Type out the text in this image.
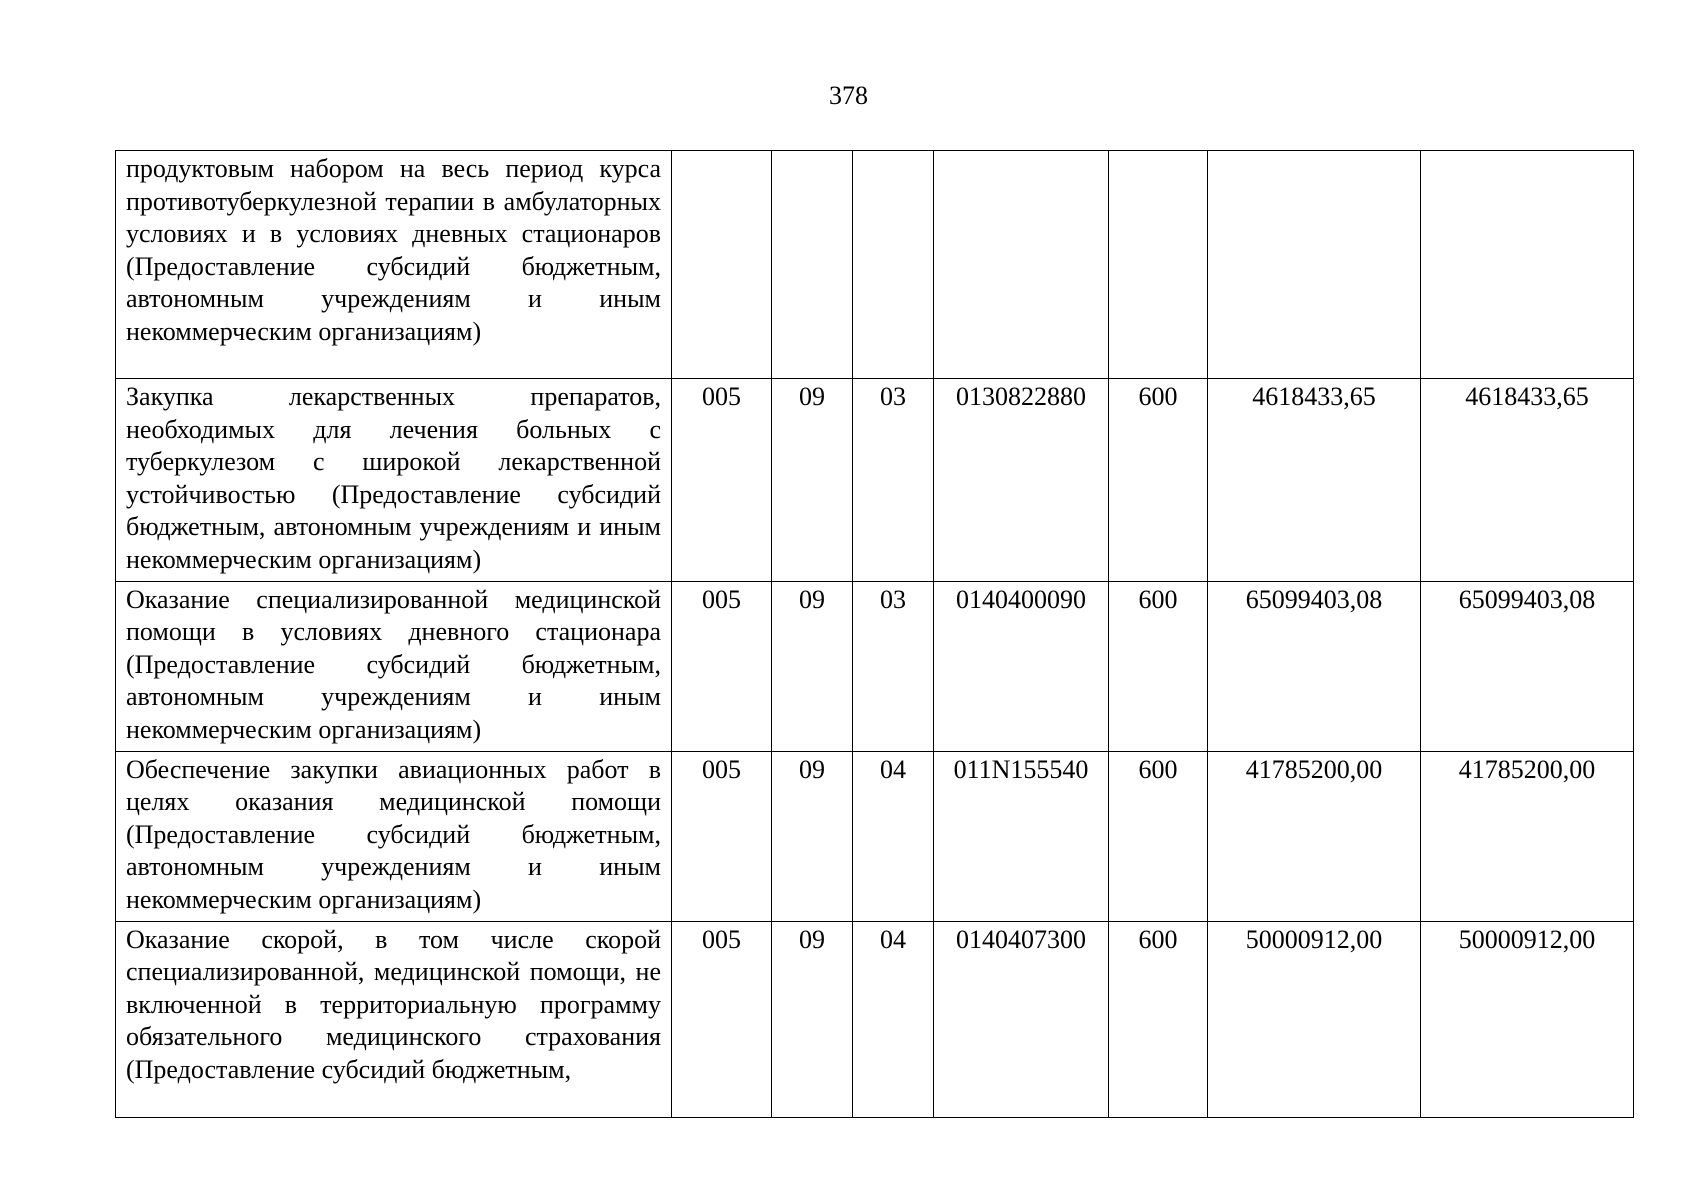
378
продуктовым набором на весь период курса противотуберкулезной терапии в амбулаторных условиях и в условиях дневных стационаров (Предоставление субсидий бюджетным, автономным учреждениям и иным некоммерческим организациям)							
Закупка лекарственных препаратов, необходимых для лечения больных с туберкулезом с широкой лекарственной устойчивостью (Предоставление субсидий бюджетным, автономным учреждениям и иным некоммерческим организациям)	005	09	03	0130822880	600	4618433,65	4618433,65
Оказание специализированной медицинской помощи в условиях дневного стационара (Предоставление субсидий бюджетным, автономным учреждениям и иным некоммерческим организациям)	005	09	03	0140400090	600	65099403,08	65099403,08
Обеспечение закупки авиационных работ в целях оказания медицинской помощи (Предоставление субсидий бюджетным, автономным учреждениям и иным некоммерческим организациям)	005	09	04	011N155540	600	41785200,00	41785200,00
Оказание скорой, в том числе скорой специализированной, медицинской помощи, не включенной в территориальную программу обязательного медицинского страхования (Предоставление субсидий бюджетным,	005	09	04	0140407300	600	50000912,00	50000912,00
